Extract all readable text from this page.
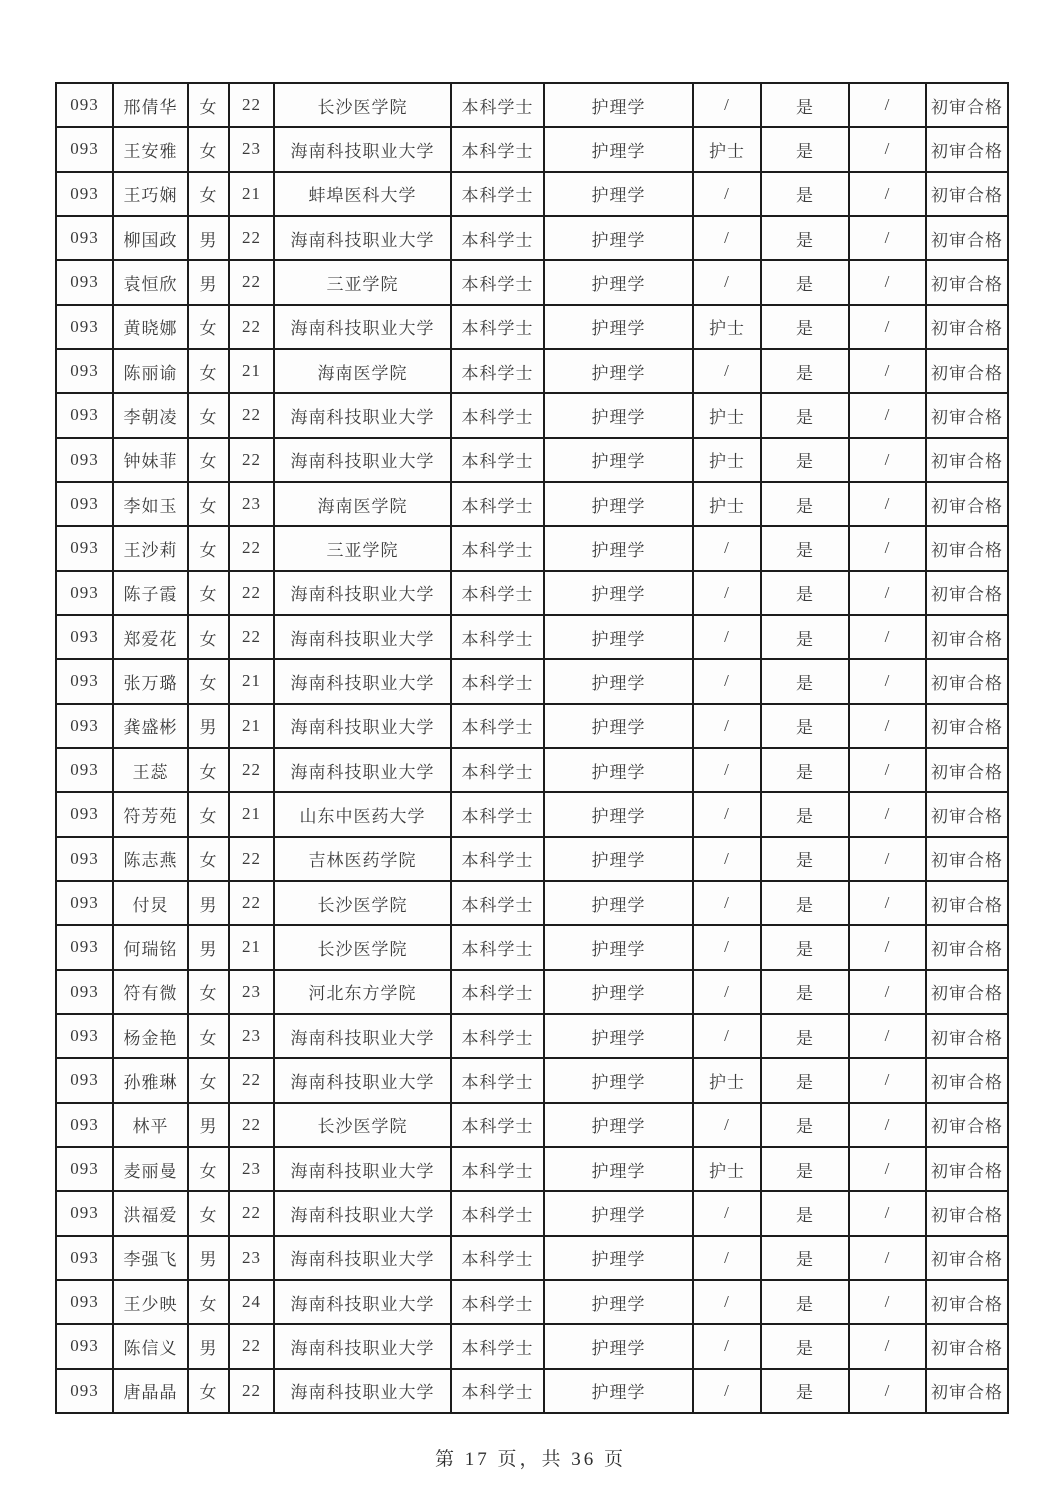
093	邢倩华	女	22	长沙医学院	本科学士	护理学	/	是	/	初审合格
093	王安雅	女	23	海南科技职业大学	本科学士	护理学	护士	是	/	初审合格
093	王巧娴	女	21	蚌埠医科大学	本科学士	护理学	/	是	/	初审合格
093	柳国政	男	22	海南科技职业大学	本科学士	护理学	/	是	/	初审合格
093	袁恒欣	男	22	三亚学院	本科学士	护理学	/	是	/	初审合格
093	黄晓娜	女	22	海南科技职业大学	本科学士	护理学	护士	是	/	初审合格
093	陈丽谕	女	21	海南医学院	本科学士	护理学	/	是	/	初审合格
093	李朝凌	女	22	海南科技职业大学	本科学士	护理学	护士	是	/	初审合格
093	钟妹菲	女	22	海南科技职业大学	本科学士	护理学	护士	是	/	初审合格
093	李如玉	女	23	海南医学院	本科学士	护理学	护士	是	/	初审合格
093	王沙莉	女	22	三亚学院	本科学士	护理学	/	是	/	初审合格
093	陈子霞	女	22	海南科技职业大学	本科学士	护理学	/	是	/	初审合格
093	郑爱花	女	22	海南科技职业大学	本科学士	护理学	/	是	/	初审合格
093	张万璐	女	21	海南科技职业大学	本科学士	护理学	/	是	/	初审合格
093	龚盛彬	男	21	海南科技职业大学	本科学士	护理学	/	是	/	初审合格
093	王蕊	女	22	海南科技职业大学	本科学士	护理学	/	是	/	初审合格
093	符芳苑	女	21	山东中医药大学	本科学士	护理学	/	是	/	初审合格
093	陈志燕	女	22	吉林医药学院	本科学士	护理学	/	是	/	初审合格
093	付炅	男	22	长沙医学院	本科学士	护理学	/	是	/	初审合格
093	何瑞铭	男	21	长沙医学院	本科学士	护理学	/	是	/	初审合格
093	符有微	女	23	河北东方学院	本科学士	护理学	/	是	/	初审合格
093	杨金艳	女	23	海南科技职业大学	本科学士	护理学	/	是	/	初审合格
093	孙雅琳	女	22	海南科技职业大学	本科学士	护理学	护士	是	/	初审合格
093	林平	男	22	长沙医学院	本科学士	护理学	/	是	/	初审合格
093	麦丽曼	女	23	海南科技职业大学	本科学士	护理学	护士	是	/	初审合格
093	洪福爱	女	22	海南科技职业大学	本科学士	护理学	/	是	/	初审合格
093	李强飞	男	23	海南科技职业大学	本科学士	护理学	/	是	/	初审合格
093	王少映	女	24	海南科技职业大学	本科学士	护理学	/	是	/	初审合格
093	陈信义	男	22	海南科技职业大学	本科学士	护理学	/	是	/	初审合格
093	唐晶晶	女	22	海南科技职业大学	本科学士	护理学	/	是	/	初审合格
第 17 页，共 36 页
